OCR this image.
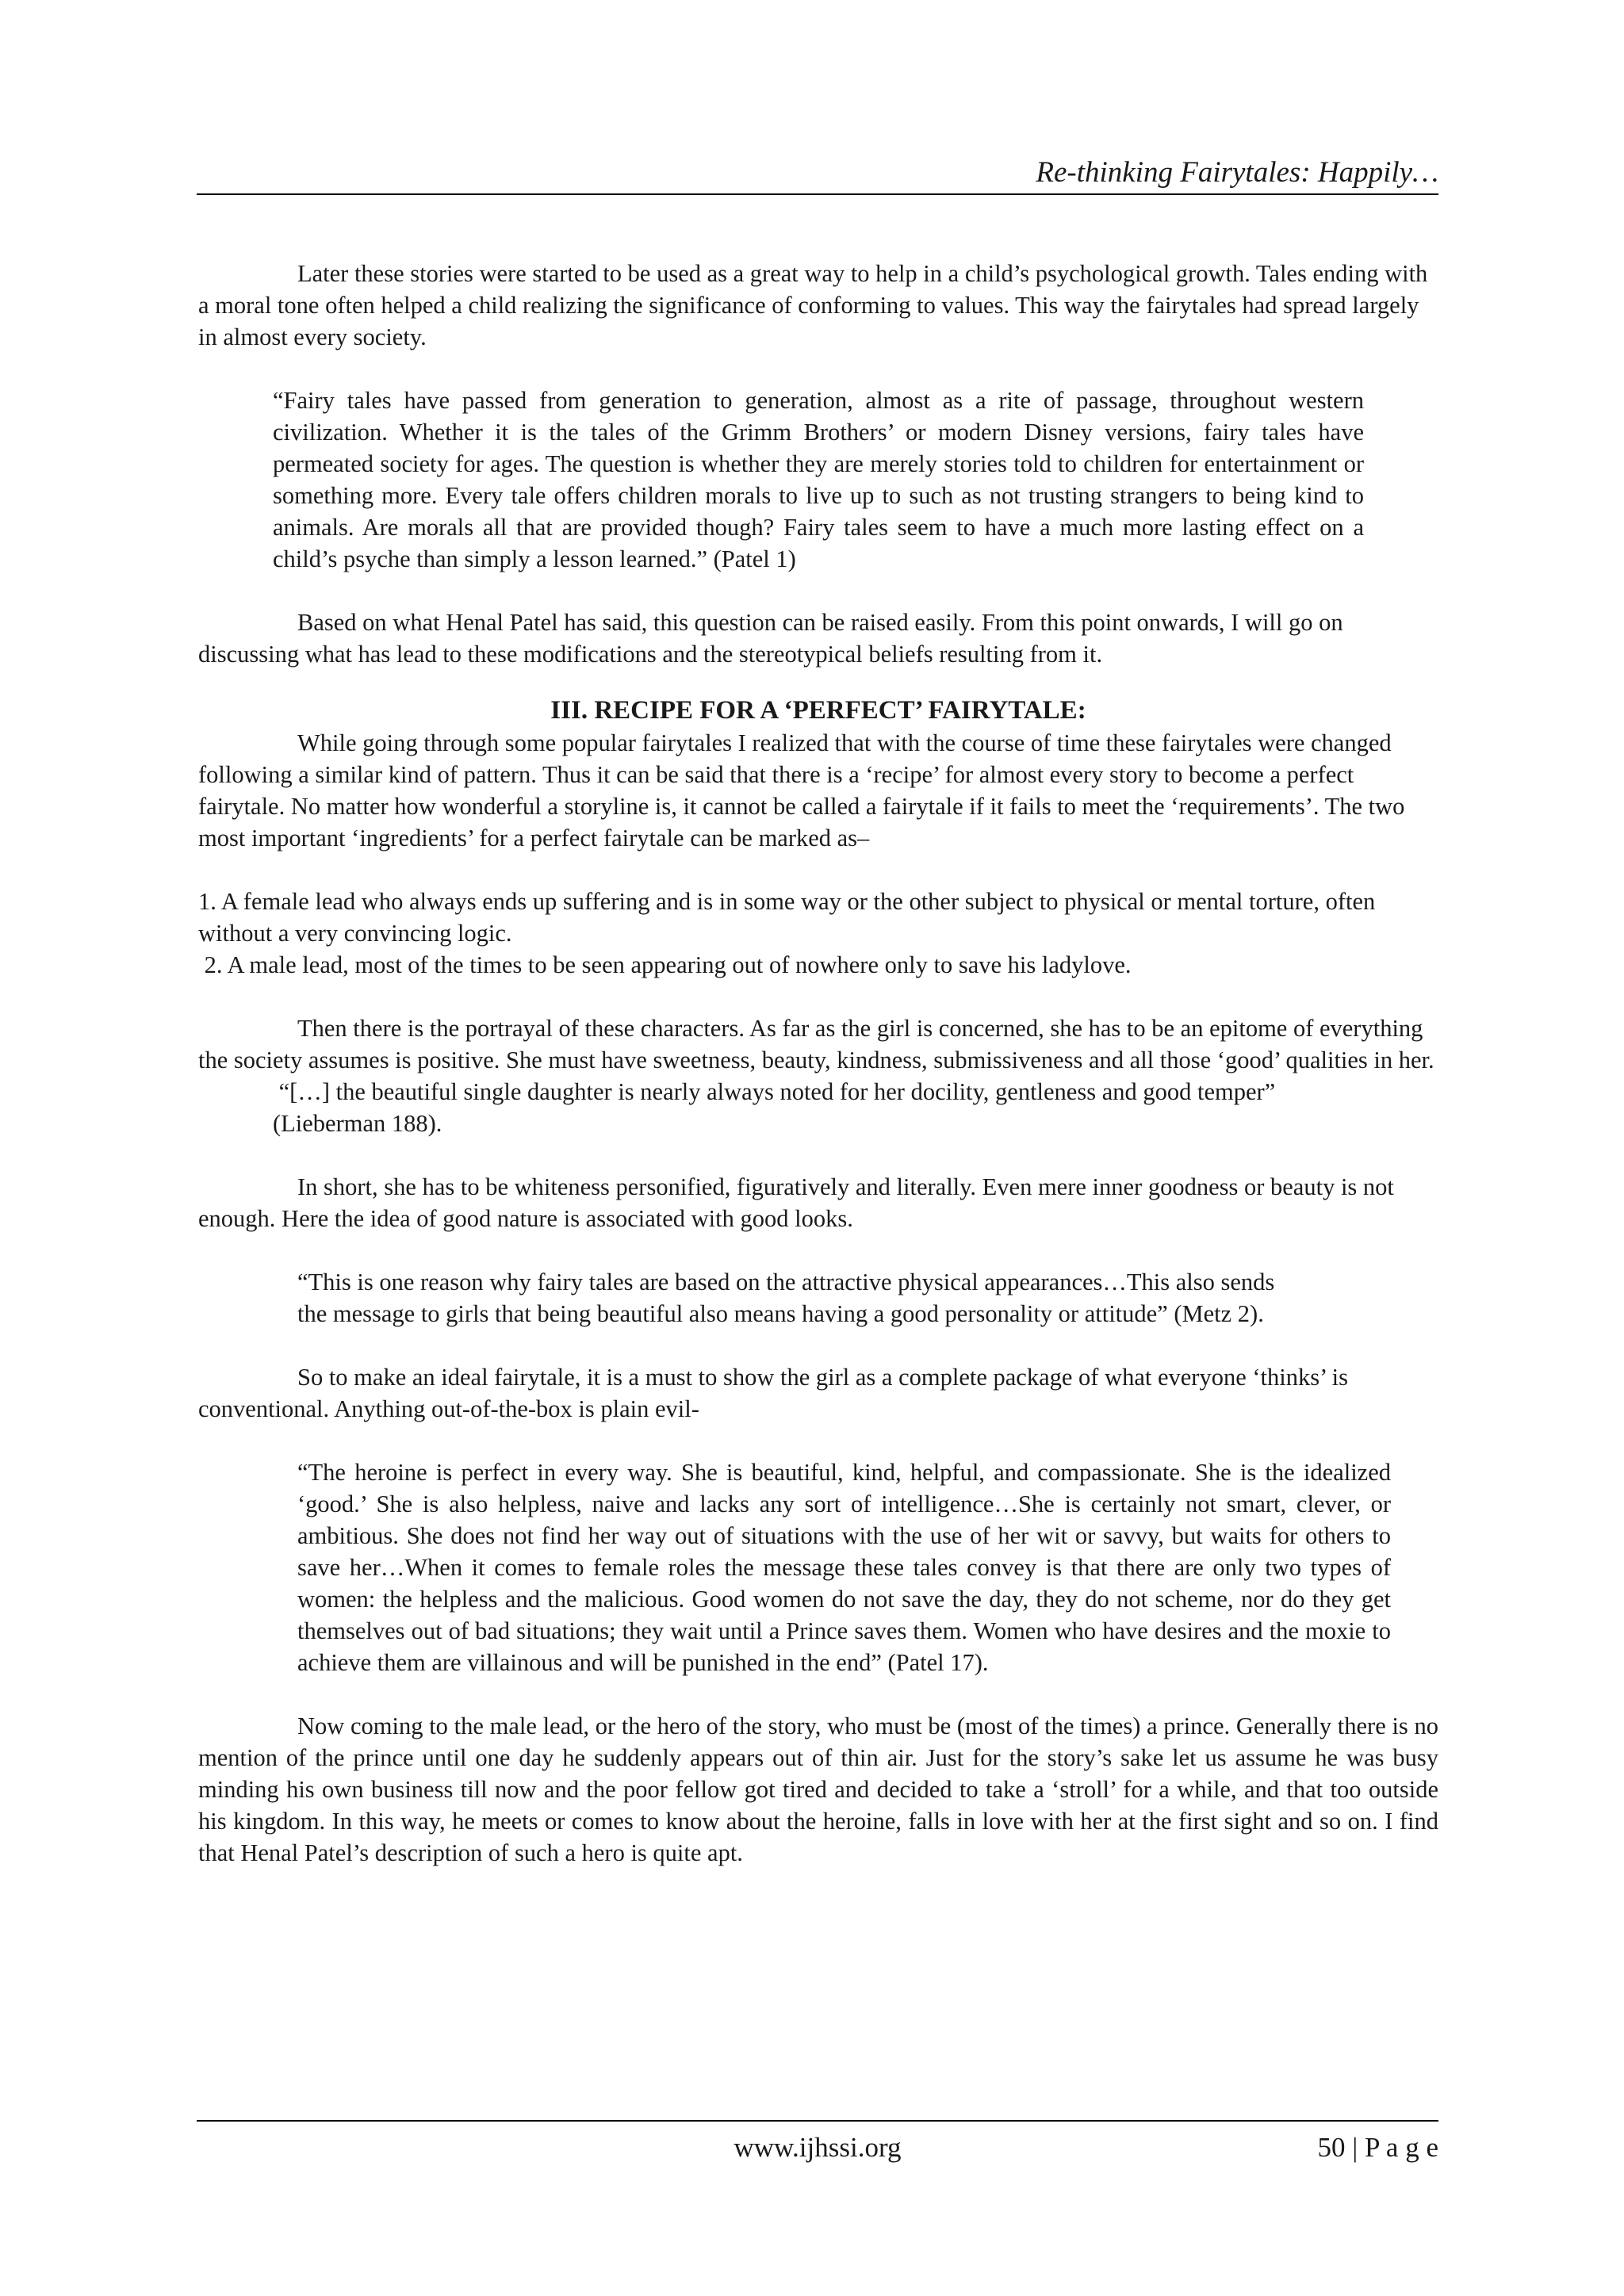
Re-thinking Fairytales: Happily…

Later these stories were started to be used as a great way to help in a child’s psychological growth. Tales ending with a moral tone often helped a child realizing the significance of conforming to values. This way the fairytales had spread largely in almost every society.

“Fairy tales have passed from generation to generation, almost as a rite of passage, throughout western civilization. Whether it is the tales of the Grimm Brothers’ or modern Disney versions, fairy tales have permeated society for ages. The question is whether they are merely stories told to children for entertainment or something more. Every tale offers children morals to live up to such as not trusting strangers to being kind to animals. Are morals all that are provided though? Fairy tales seem to have a much more lasting effect on a child’s psyche than simply a lesson learned.” (Patel 1)

Based on what Henal Patel has said, this question can be raised easily. From this point onwards, I will go on discussing what has lead to these modifications and the stereotypical beliefs resulting from it.

III. RECIPE FOR A ‘PERFECT’ FAIRYTALE:

While going through some popular fairytales I realized that with the course of time these fairytales were changed following a similar kind of pattern. Thus it can be said that there is a ‘recipe’ for almost every story to become a perfect fairytale. No matter how wonderful a storyline is, it cannot be called a fairytale if it fails to meet the ‘requirements’. The two most important ‘ingredients’ for a perfect fairytale can be marked as–

1. A female lead who always ends up suffering and is in some way or the other subject to physical or mental torture, often without a very convincing logic.

2. A male lead, most of the times to be seen appearing out of nowhere only to save his ladylove.

Then there is the portrayal of these characters. As far as the girl is concerned, she has to be an epitome of everything the society assumes is positive. She must have sweetness, beauty, kindness, submissiveness and all those ‘good’ qualities in her.

“[…] the beautiful single daughter is nearly always noted for her docility, gentleness and good temper” (Lieberman 188).

In short, she has to be whiteness personified, figuratively and literally. Even mere inner goodness or beauty is not enough. Here the idea of good nature is associated with good looks.

“This is one reason why fairy tales are based on the attractive physical appearances…This also sends the message to girls that being beautiful also means having a good personality or attitude” (Metz 2).

So to make an ideal fairytale, it is a must to show the girl as a complete package of what everyone ‘thinks’ is conventional. Anything out-of-the-box is plain evil-

“The heroine is perfect in every way. She is beautiful, kind, helpful, and compassionate. She is the idealized ‘good.’ She is also helpless, naive and lacks any sort of intelligence…She is certainly not smart, clever, or ambitious. She does not find her way out of situations with the use of her wit or savvy, but waits for others to save her…When it comes to female roles the message these tales convey is that there are only two types of women: the helpless and the malicious. Good women do not save the day, they do not scheme, nor do they get themselves out of bad situations; they wait until a Prince saves them. Women who have desires and the moxie to achieve them are villainous and will be punished in the end” (Patel 17).

Now coming to the male lead, or the hero of the story, who must be (most of the times) a prince. Generally there is no mention of the prince until one day he suddenly appears out of thin air. Just for the story’s sake let us assume he was busy minding his own business till now and the poor fellow got tired and decided to take a ‘stroll’ for a while, and that too outside his kingdom. In this way, he meets or comes to know about the heroine, falls in love with her at the first sight and so on. I find that Henal Patel’s description of such a hero is quite apt.

www.ijhssi.org	50 | P a g e
